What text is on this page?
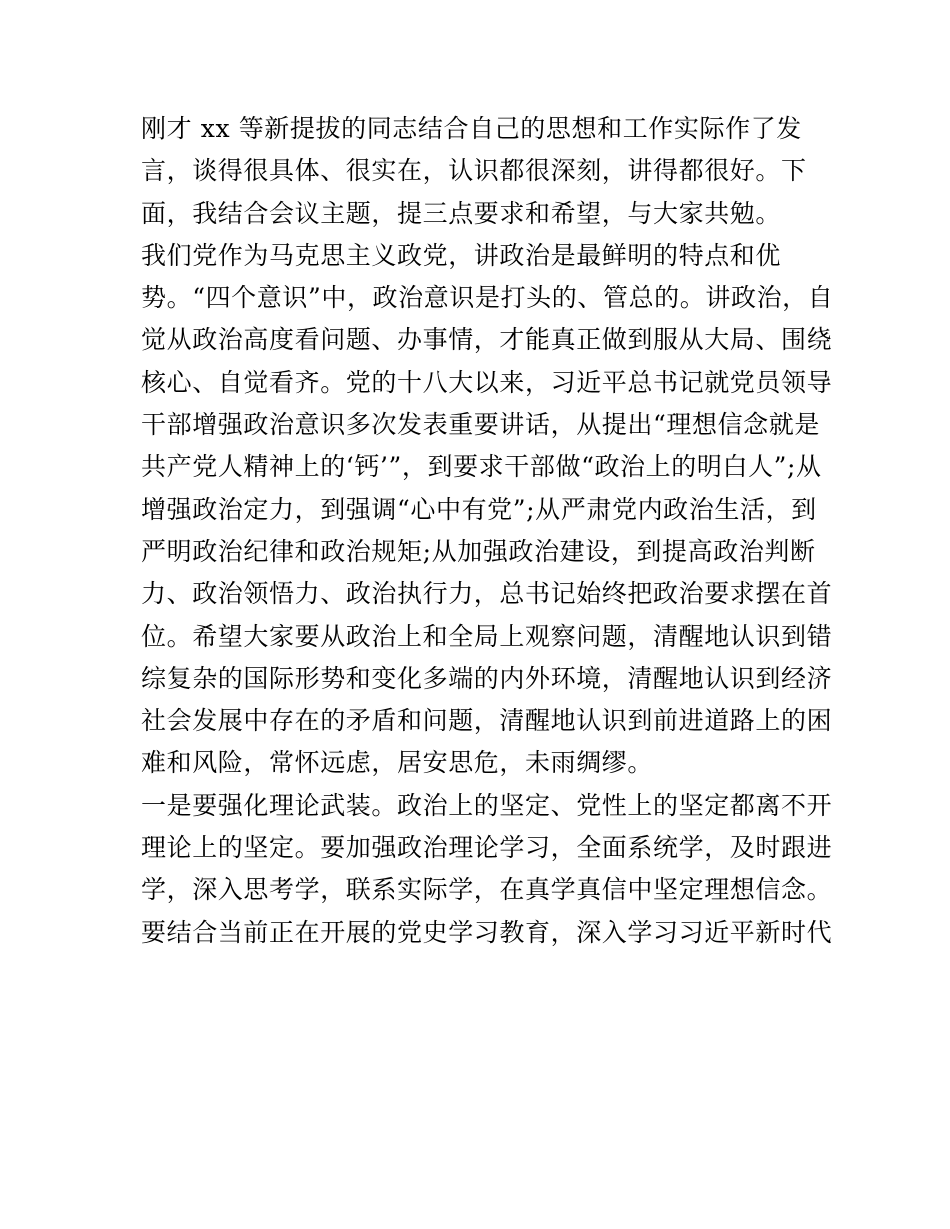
刚才 xx 等新提拔的同志结合自己的思想和工作实际作了发
言，谈得很具体、很实在，认识都很深刻，讲得都很好。下
面，我结合会议主题，提三点要求和希望，与大家共勉。
我们党作为马克思主义政党，讲政治是最鲜明的特点和优
势。“四个意识”中，政治意识是打头的、管总的。讲政治，自
觉从政治高度看问题、办事情，才能真正做到服从大局、围绕
核心、自觉看齐。党的十八大以来，习近平总书记就党员领导
干部增强政治意识多次发表重要讲话，从提出“理想信念就是
共产党人精神上的‘钙’”，到要求干部做“政治上的明白人”;从
增强政治定力，到强调“心中有党”;从严肃党内政治生活，到
严明政治纪律和政治规矩;从加强政治建设，到提高政治判断
力、政治领悟力、政治执行力，总书记始终把政治要求摆在首
位。希望大家要从政治上和全局上观察问题，清醒地认识到错
综复杂的国际形势和变化多端的内外环境，清醒地认识到经济
社会发展中存在的矛盾和问题，清醒地认识到前进道路上的困
难和风险，常怀远虑，居安思危，未雨绸缪。
一是要强化理论武装。政治上的坚定、党性上的坚定都离不开
理论上的坚定。要加强政治理论学习，全面系统学，及时跟进
学，深入思考学，联系实际学，在真学真信中坚定理想信念。
要结合当前正在开展的党史学习教育，深入学习习近平新时代
